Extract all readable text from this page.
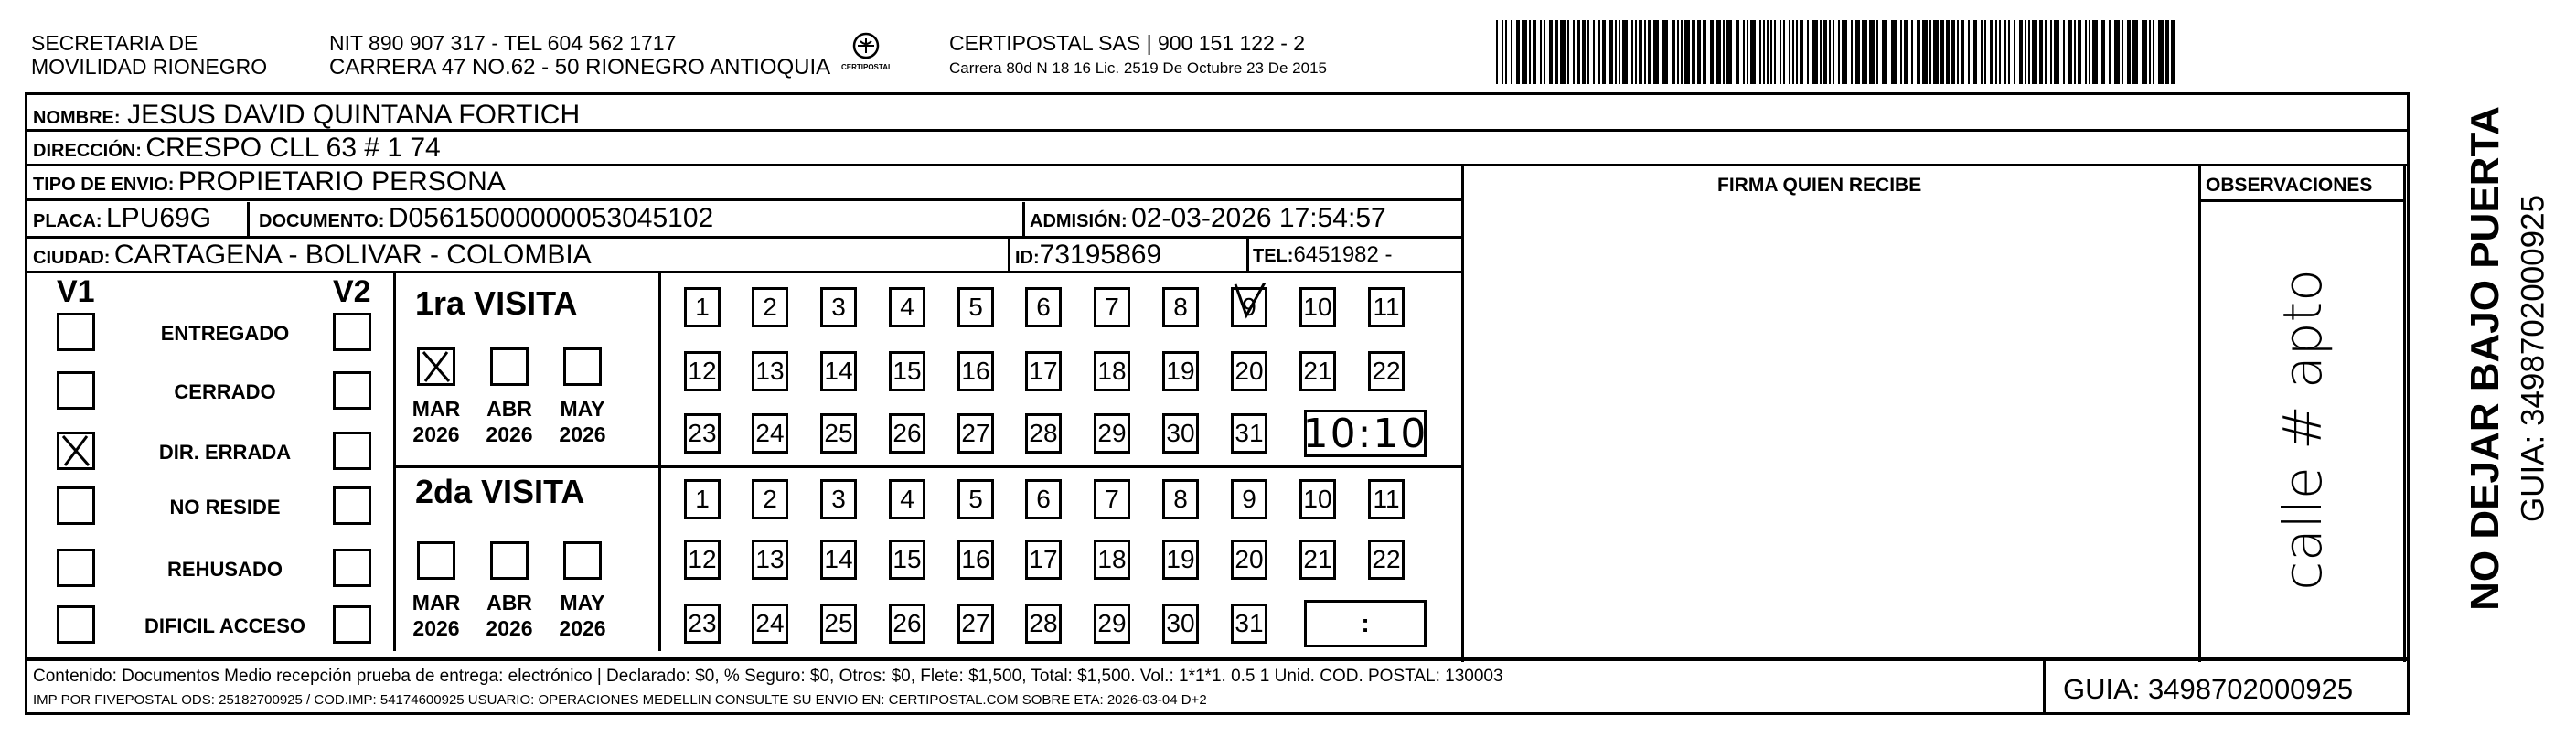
SECRETARIA DE
MOVILIDAD RIONEGRO
NIT 890 907 317 - TEL 604 562 1717
CARRERA 47 NO.62 - 50 RIONEGRO ANTIOQUIA CERTIPOSTAL
CERTIPOSTAL SAS | 900 151 122 - 2
Carrera 80d N 18 16 Lic. 2519 De Octubre 23 De 2015
NOMBRE: JESUS DAVID QUINTANA FORTICH
DIRECCIÓN: CRESPO CLL 63 # 1 74
TIPO DE ENVIO: PROPIETARIO PERSONA
PLACA: LPU69G	DOCUMENTO: D05615000000053045102	ADMISIÓN: 02-03-2026 17:54:57
CIUDAD: CARTAGENA - BOLIVAR - COLOMBIA	ID:73195869	TEL:6451982 -
FIRMA QUIEN RECIBE	OBSERVACIONES
calle # apto
V1	V2
ENTREGADO
CERRADO
DIR. ERRADA
NO RESIDE
REHUSADO
DIFICIL ACCESO
1ra VISITA
2da VISITA
MAR
2026
ABR
2026
MAY
2026
MAR
2026
ABR
2026
MAY
2026
1 2 3 4 5 6 7 8 9 10 11
12 13 14 15 16 17 18 19 20 21 22
23 24 25 26 27 28 29 30 31
1 2 3 4 5 6 7 8 9 10 11
12 13 14 15 16 17 18 19 20 21 22
23 24 25 26 27 28 29 30 31
10:10
:
Contenido: Documentos Medio recepción prueba de entrega: electrónico | Declarado: $0, % Seguro: $0, Otros: $0, Flete: $1,500, Total: $1,500. Vol.: 1*1*1. 0.5 1 Unid. COD. POSTAL: 130003
IMP POR FIVEPOSTAL ODS: 25182700925 / COD.IMP: 54174600925 USUARIO: OPERACIONES MEDELLIN CONSULTE SU ENVIO EN: CERTIPOSTAL.COM SOBRE ETA: 2026-03-04 D+2	GUIA: 3498702000925
NO DEJAR BAJO PUERTA GUIA: 3498702000925
